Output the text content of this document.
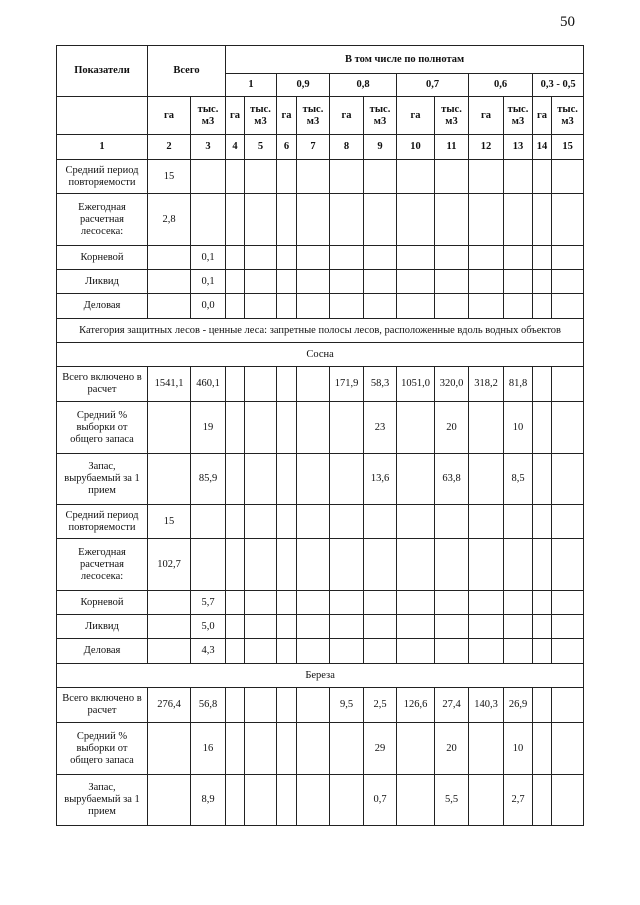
50
Показатели	Всего		В том числе по полнотам											
			1		0,9		0,8		0,7		0,6		0,3 - 0,5	
	га	тыс. м3	га	тыс. м3	га	тыс. м3	га	тыс. м3	га	тыс. м3	га	тыс. м3	га	тыс. м3
1	2	3	4	5	6	7	8	9	10	11	12	13	14	15
Средний период повторяемости	15													
Ежегодная расчетная лесосека:	2,8													
Корневой		0,1												
Ликвид		0,1												
Деловая		0,0												
Категория защитных лесов - ценные леса: запретные полосы лесов, расположенные вдоль водных объектов														
Сосна														
Всего включено в расчет	1541,1	460,1					171,9	58,3	1051,0	320,0	318,2	81,8		
Средний % выборки от общего запаса		19						23		20		10		
Запас, вырубаемый за 1 прием		85,9						13,6		63,8		8,5		
Средний период повторяемости	15													
Ежегодная расчетная лесосека:	102,7													
Корневой		5,7												
Ликвид		5,0												
Деловая		4,3												
Береза														
Всего включено в расчет	276,4	56,8					9,5	2,5	126,6	27,4	140,3	26,9		
Средний % выборки от общего запаса		16						29		20		10		
Запас, вырубаемый за 1 прием		8,9						0,7		5,5		2,7		
